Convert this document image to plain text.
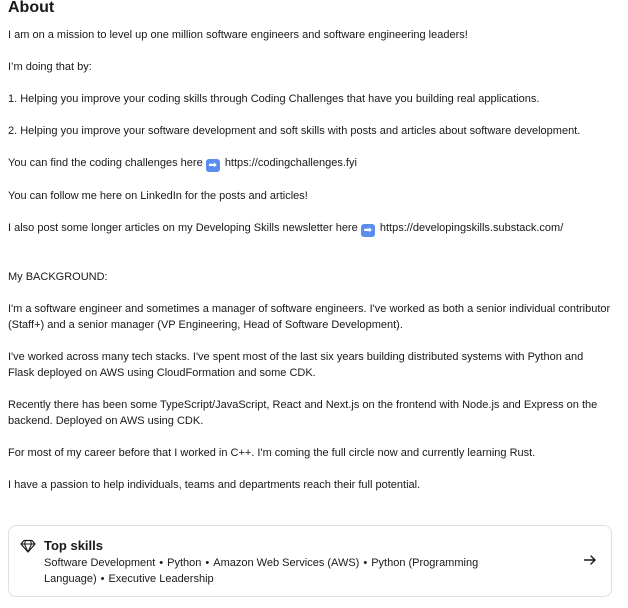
About

I am on a mission to level up one million software engineers and software engineering leaders!

I’m doing that by:

1. Helping you improve your coding skills through Coding Challenges that have you building real applications.

2. Helping you improve your software development and soft skills with posts and articles about software development.

You can find the coding challenges here ➡ https://codingchallenges.fyi

You can follow me here on LinkedIn for the posts and articles!

I also post some longer articles on my Developing Skills newsletter here ➡ https://developingskills.substack.com/

My BACKGROUND:

I'm a software engineer and sometimes a manager of software engineers. I've worked as both a senior individual contributor (Staff+) and a senior manager (VP Engineering, Head of Software Development).

I've worked across many tech stacks. I've spent most of the last six years building distributed systems with Python and Flask deployed on AWS using CloudFormation and some CDK.

Recently there has been some TypeScript/JavaScript, React and Next.js on the frontend with Node.js and Express on the backend. Deployed on AWS using CDK.

For most of my career before that I worked in C++. I'm coming the full circle now and currently learning Rust.

I have a passion to help individuals, teams and departments reach their full potential.

Top skills
Software Development • Python • Amazon Web Services (AWS) • Python (Programming Language) • Executive Leadership
